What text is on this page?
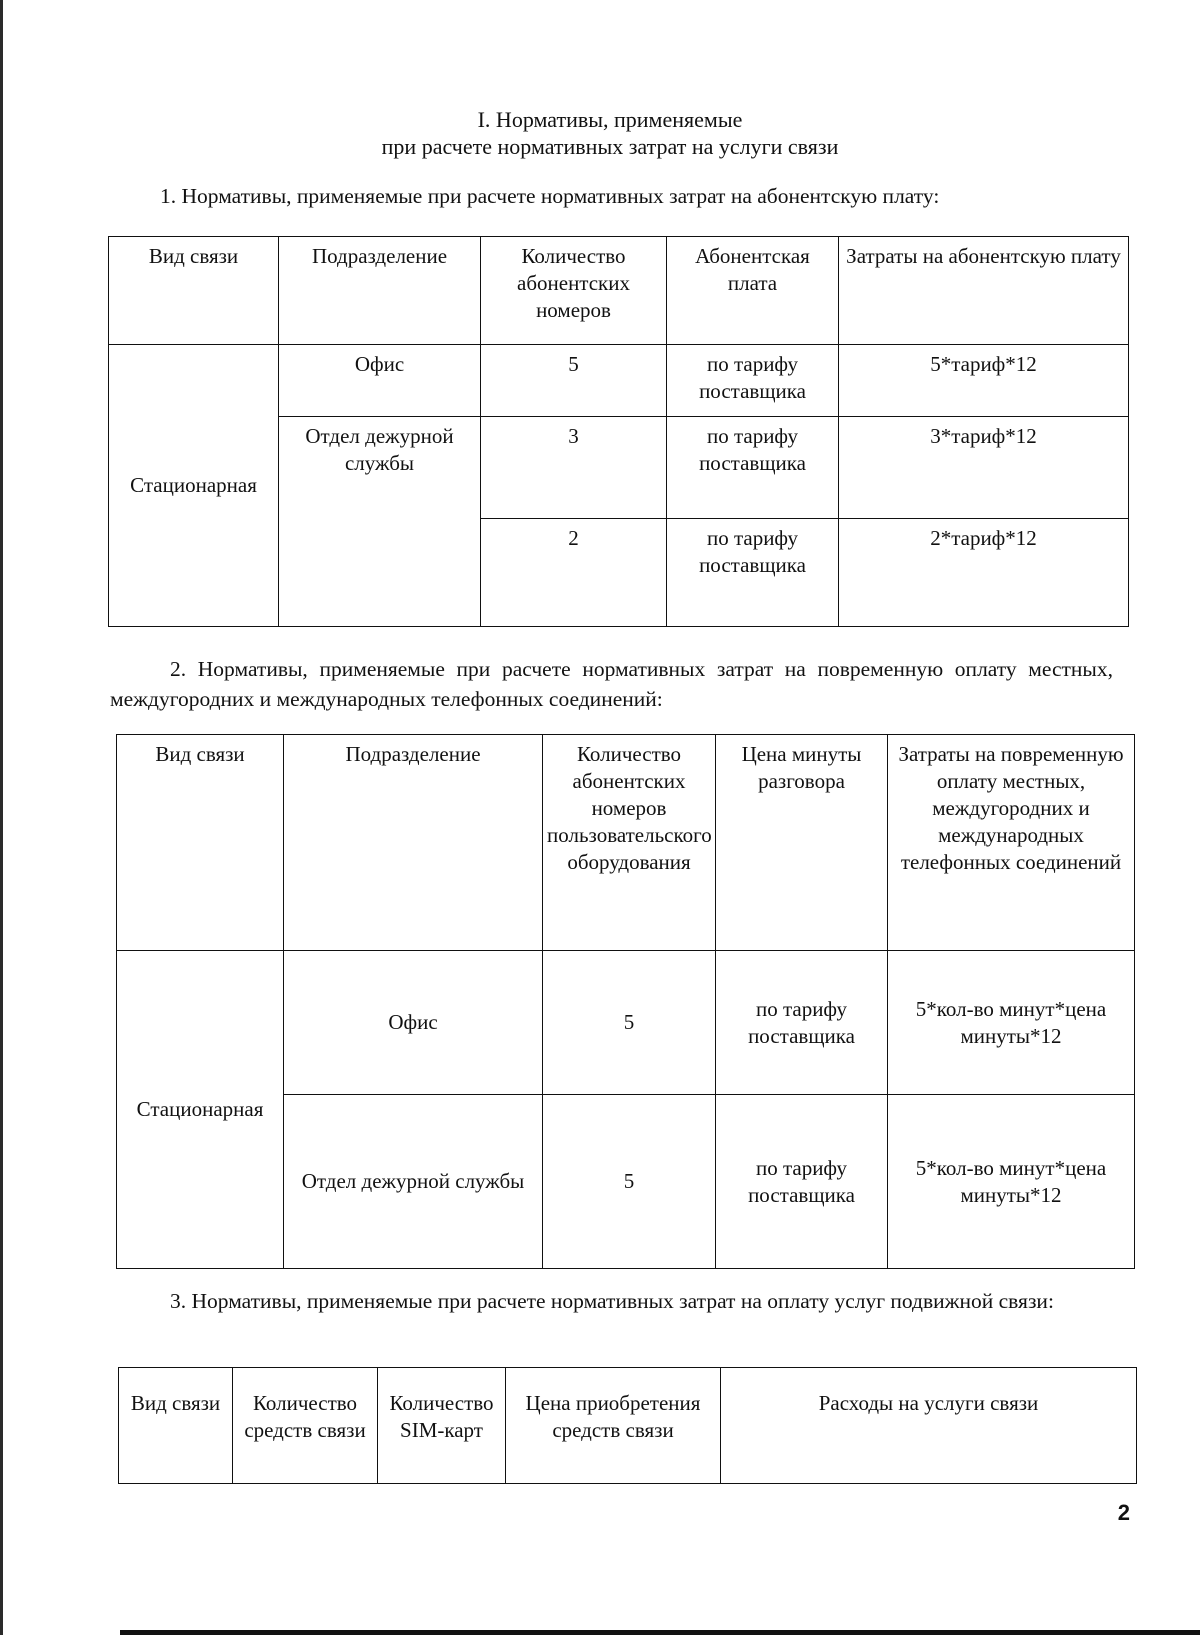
I. Нормативы, применяемые
при расчете нормативных затрат на услуги связи
1. Нормативы, применяемые при расчете нормативных затрат на абонентскую плату:
Вид связи	Подразделение	Количество абонентских номеров	Абонентская плата	Затраты на абонентскую плату
Стационарная	Офис	5	по тарифу поставщика	5*тариф*12
	Отдел дежурной службы	3	по тарифу поставщика	3*тариф*12
		2	по тарифу поставщика	2*тариф*12
2. Нормативы, применяемые при расчете нормативных затрат на повременную оплату местных, междугородних и международных телефонных соединений:
Вид связи	Подразделение	Количество абонентских номеров пользовательского оборудования	Цена минуты разговора	Затраты на повременную оплату местных, междугородних и международных телефонных соединений
Стационарная	Офис	5	по тарифу поставщика	5*кол-во минут*цена минуты*12
	Отдел дежурной службы	5	по тарифу поставщика	5*кол-во минут*цена минуты*12
3. Нормативы, применяемые при расчете нормативных затрат на оплату услуг подвижной связи:
Вид связи	Количество средств связи	Количество SIM-карт	Цена приобретения средств связи	Расходы на услуги связи
2
